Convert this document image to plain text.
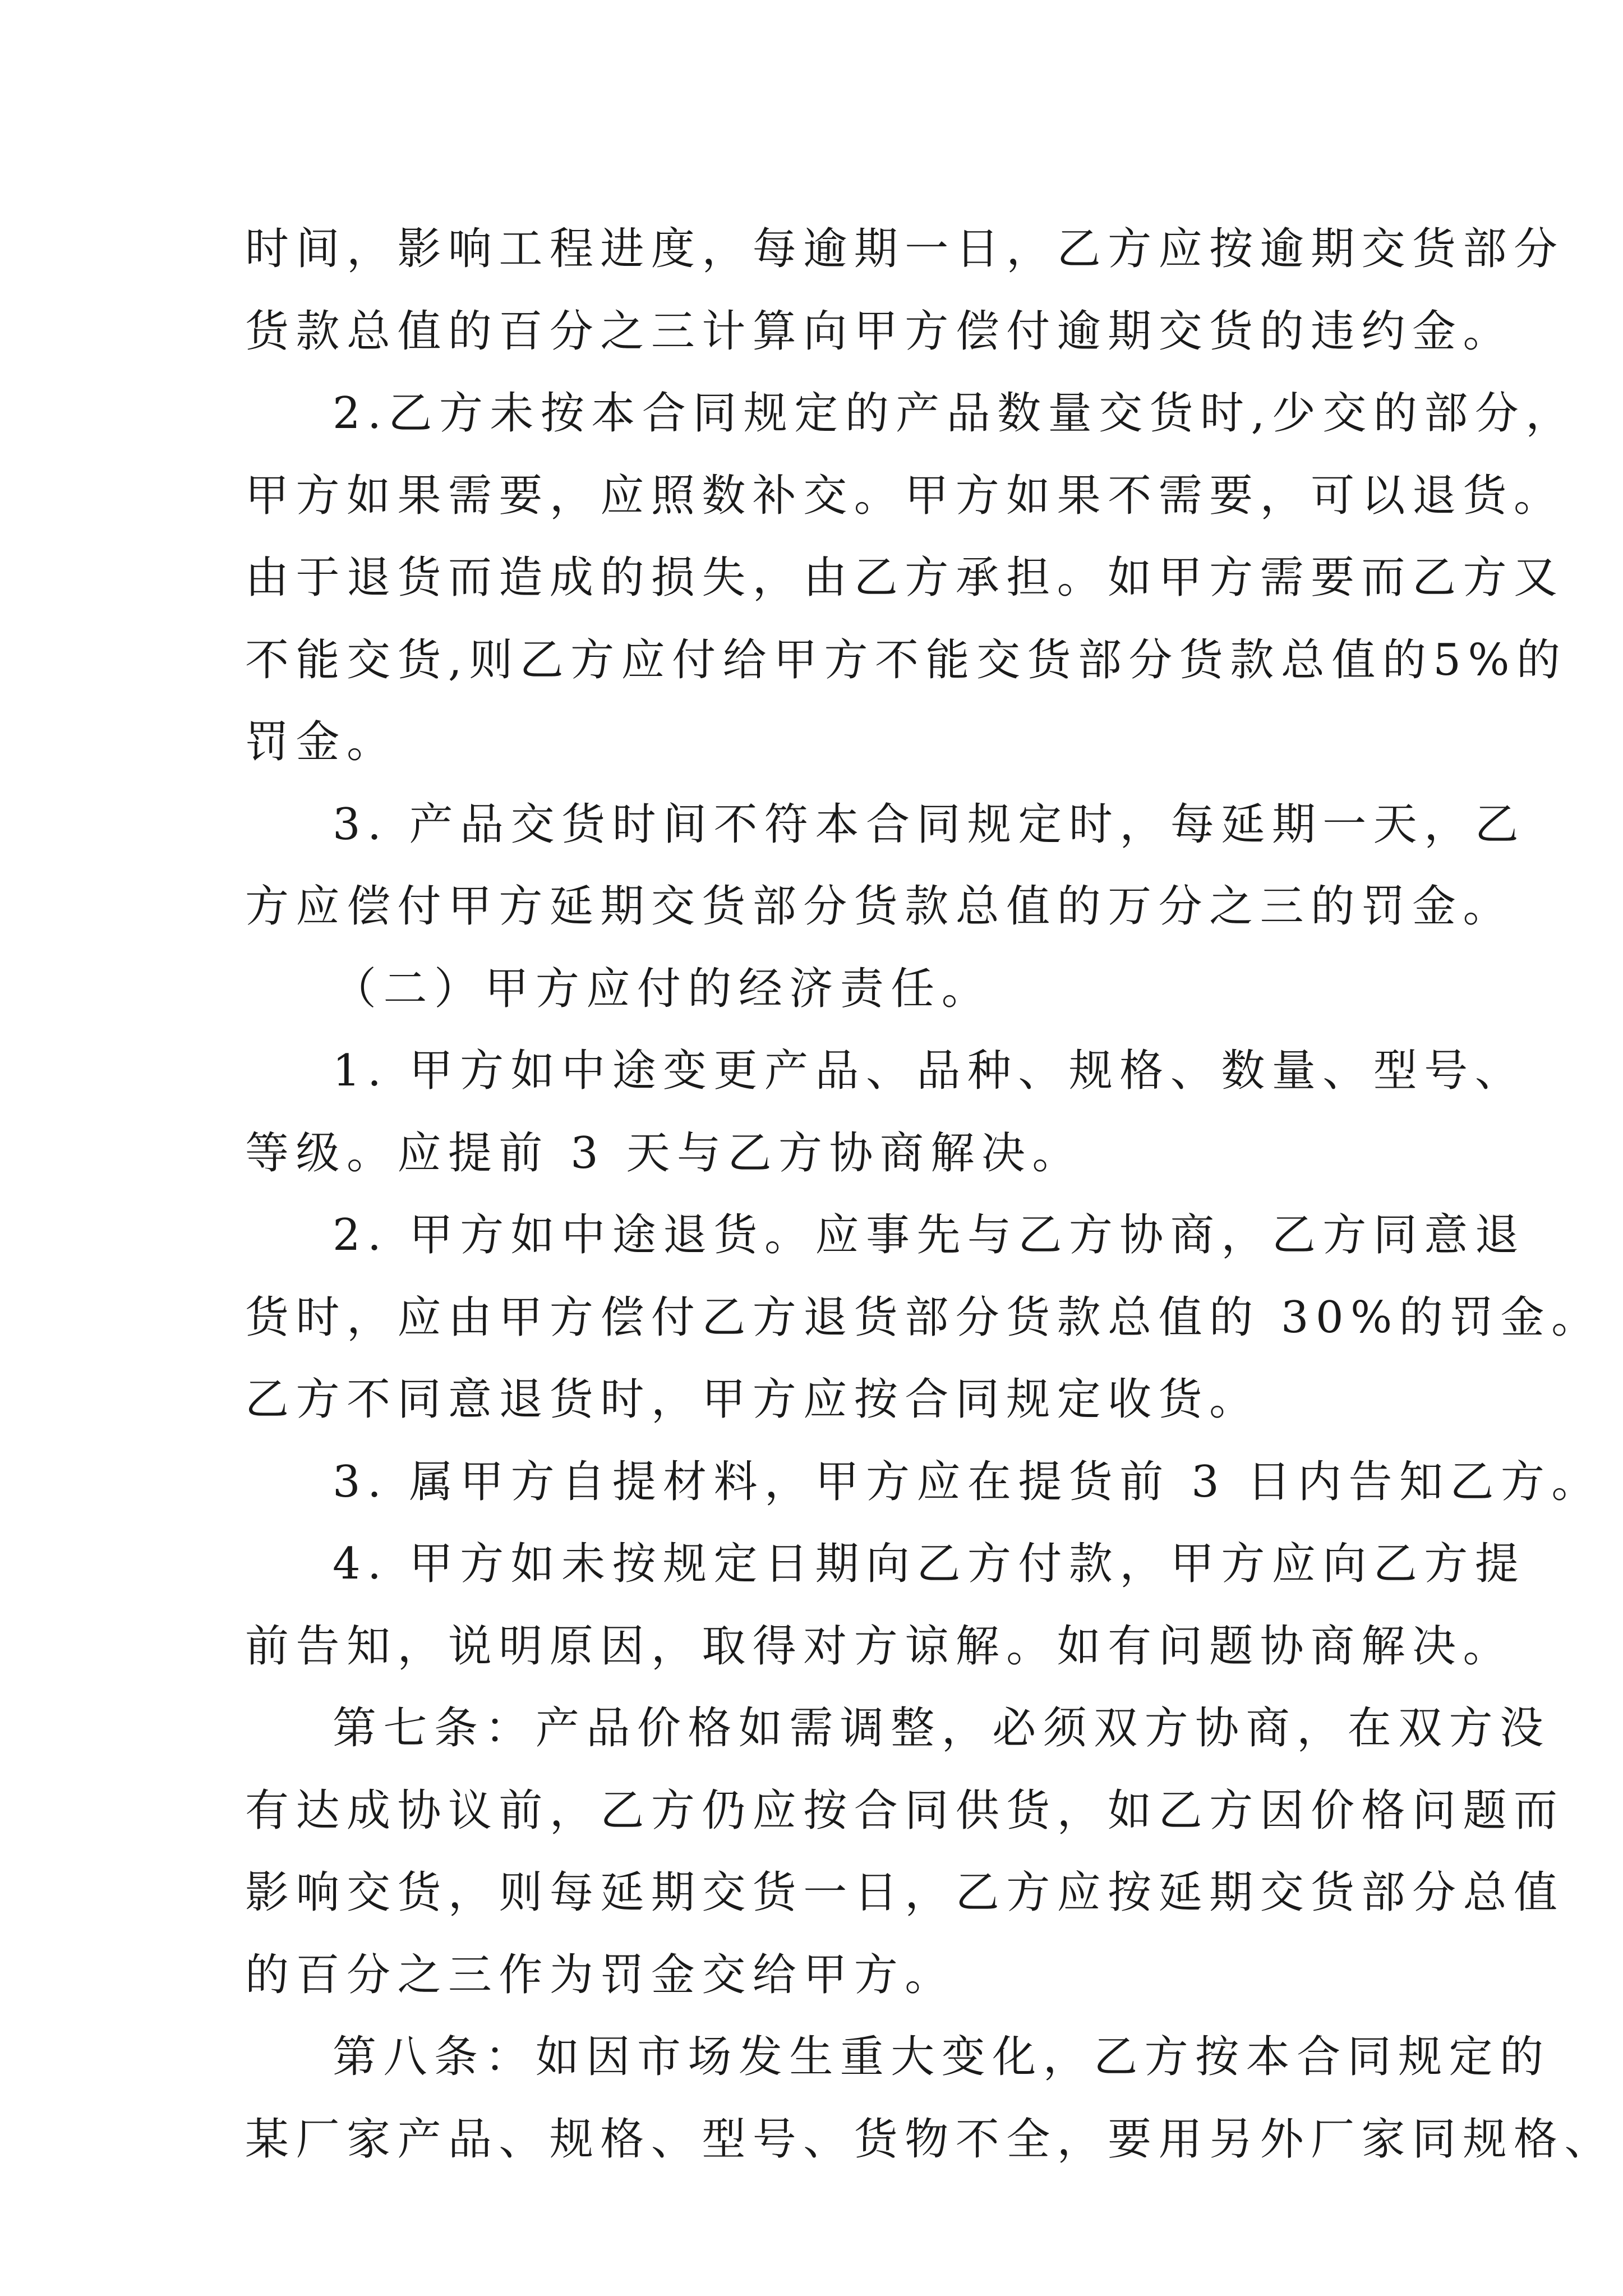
时间，影响工程进度，每逾期一日，乙方应按逾期交货部分
货款总值的百分之三计算向甲方偿付逾期交货的违约金。
2.乙方未按本合同规定的产品数量交货时,少交的部分，
甲方如果需要，应照数补交。甲方如果不需要，可以退货。
由于退货而造成的损失，由乙方承担。如甲方需要而乙方又
不能交货,则乙方应付给甲方不能交货部分货款总值的5%的
罚金。
3. 产品交货时间不符本合同规定时，每延期一天，乙
方应偿付甲方延期交货部分货款总值的万分之三的罚金。
（二）甲方应付的经济责任。
1. 甲方如中途变更产品、品种、规格、数量、型号、
等级。应提前 3 天与乙方协商解决。
2. 甲方如中途退货。应事先与乙方协商，乙方同意退
货时，应由甲方偿付乙方退货部分货款总值的 30%的罚金。
乙方不同意退货时，甲方应按合同规定收货。
3. 属甲方自提材料，甲方应在提货前 3 日内告知乙方。
4. 甲方如未按规定日期向乙方付款，甲方应向乙方提
前告知，说明原因，取得对方谅解。如有问题协商解决。
第七条：产品价格如需调整，必须双方协商，在双方没
有达成协议前，乙方仍应按合同供货，如乙方因价格问题而
影响交货，则每延期交货一日，乙方应按延期交货部分总值
的百分之三作为罚金交给甲方。
第八条：如因市场发生重大变化，乙方按本合同规定的
某厂家产品、规格、型号、货物不全，要用另外厂家同规格、
